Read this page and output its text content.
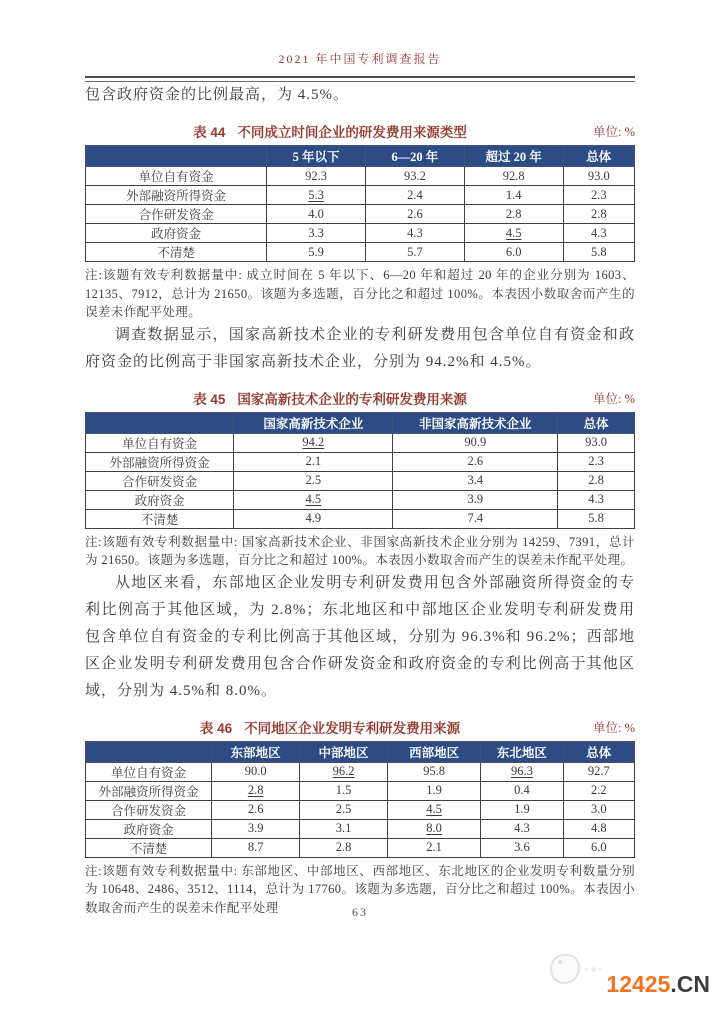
2021 年中国专利调查报告

包含政府资金的比例最高，为 4.5%。

表 44 不同成立时间企业的研发费用来源类型	单位: %
	5 年以下	6—20 年	超过 20 年	总体
单位自有资金	92.3	93.2	92.8	93.0
外部融资所得资金	5.3	2.4	1.4	2.3
合作研发资金	4.0	2.6	2.8	2.8
政府资金	3.3	4.3	4.5	4.3
不清楚	5.9	5.7	6.0	5.8

注:该题有效专利数据量中: 成立时间在 5 年以下、6—20 年和超过 20 年的企业分别为 1603、12135、7912，总计为 21650。该题为多选题，百分比之和超过 100%。本表因小数取舍而产生的误差未作配平处理。

调查数据显示，国家高新技术企业的专利研发费用包含单位自有资金和政府资金的比例高于非国家高新技术企业，分别为 94.2%和 4.5%。

表 45 国家高新技术企业的专利研发费用来源	单位: %
	国家高新技术企业	非国家高新技术企业	总体
单位自有资金	94.2	90.9	93.0
外部融资所得资金	2.1	2.6	2.3
合作研发资金	2.5	3.4	2.8
政府资金	4.5	3.9	4.3
不清楚	4.9	7.4	5.8

注:该题有效专利数据量中: 国家高新技术企业、非国家高新技术企业分别为 14259、7391，总计为 21650。该题为多选题，百分比之和超过 100%。本表因小数取舍而产生的误差未作配平处理。

从地区来看，东部地区企业发明专利研发费用包含外部融资所得资金的专利比例高于其他区域，为 2.8%；东北地区和中部地区企业发明专利研发费用包含单位自有资金的专利比例高于其他区域，分别为 96.3%和 96.2%；西部地区企业发明专利研发费用包含合作研发资金和政府资金的专利比例高于其他区域，分别为 4.5%和 8.0%。

表 46 不同地区企业发明专利研发费用来源	单位: %
	东部地区	中部地区	西部地区	东北地区	总体
单位自有资金	90.0	96.2	95.8	96.3	92.7
外部融资所得资金	2.8	1.5	1.9	0.4	2.2
合作研发资金	2.6	2.5	4.5	1.9	3.0
政府资金	3.9	3.1	8.0	4.3	4.8
不清楚	8.7	2.8	2.1	3.6	6.0

注:该题有效专利数据量中: 东部地区、中部地区、西部地区、东北地区的企业发明专利数量分别为 10648、2486、3512、1114，总计为 17760。该题为多选题，百分比之和超过 100%。本表因小数取舍而产生的误差未作配平处理	63
·•·
12425.CN
